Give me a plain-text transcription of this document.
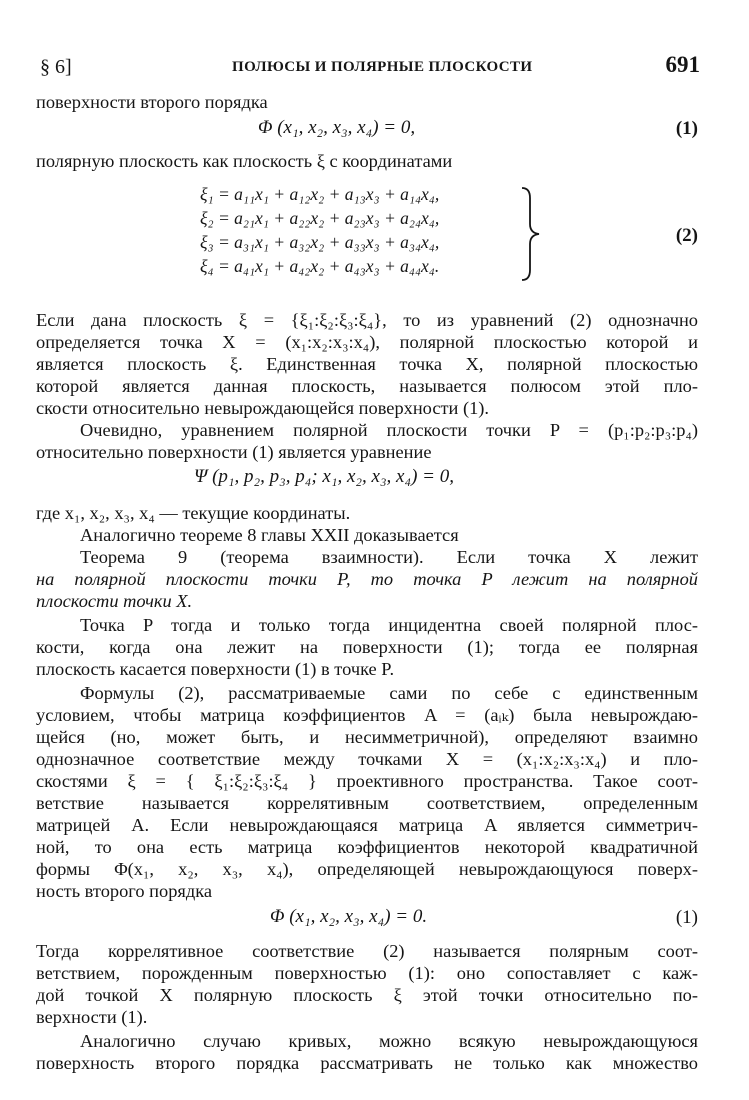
§ 6]	ПОЛЮСЫ И ПОЛЯРНЫЕ ПЛОСКОСТИ	691
поверхности второго порядка
Φ (x₁, x₂, x₃, x₄) = 0,	(1)
полярную плоскость как плоскость ξ с координатами
ξ₁ = a₁₁x₁ + a₁₂x₂ + a₁₃x₃ + a₁₄x₄,
ξ₂ = a₂₁x₁ + a₂₂x₂ + a₂₃x₃ + a₂₄x₄,
ξ₃ = a₃₁x₁ + a₃₂x₂ + a₃₃x₃ + a₃₄x₄,
ξ₄ = a₄₁x₁ + a₄₂x₂ + a₄₃x₃ + a₄₄x₄.
(2)
Если дана плоскость ξ = {ξ₁:ξ₂:ξ₃:ξ₄}, то из уравнений (2) однозначно
определяется точка X = (x₁:x₂:x₃:x₄), полярной плоскостью которой и
является плоскость ξ. Единственная точка X, полярной плоскостью
которой является данная плоскость, называется полюсом этой пло-
скости относительно невырождающейся поверхности (1).
Очевидно, уравнением полярной плоскости точки P = (p₁:p₂:p₃:p₄)
относительно поверхности (1) является уравнение
Ψ (p₁, p₂, p₃, p₄; x₁, x₂, x₃, x₄) = 0,
где x₁, x₂, x₃, x₄ — текущие координаты.
Аналогично теореме 8 главы XXII доказывается
Теорема 9 (теорема взаимности). Если точка X лежит
на полярной плоскости точки P, то точка P лежит на полярной
плоскости точки X.
Точка P тогда и только тогда инцидентна своей полярной плос-
кости, когда она лежит на поверхности (1); тогда ее полярная
плоскость касается поверхности (1) в точке P.
Формулы (2), рассматриваемые сами по себе с единственным
условием, чтобы матрица коэффициентов A = (aᵢₖ) была невырождаю-
щейся (но, может быть, и несимметричной), определяют взаимно
однозначное соответствие между точками X = (x₁:x₂:x₃:x₄) и пло-
скостями ξ = { ξ₁:ξ₂:ξ₃:ξ₄ } проективного пространства. Такое соот-
ветствие называется коррелятивным соответствием, определенным
матрицей A. Если невырождающаяся матрица A является симметрич-
ной, то она есть матрица коэффициентов некоторой квадратичной
формы Φ(x₁, x₂, x₃, x₄), определяющей невырождающуюся поверх-
ность второго порядка
Φ (x₁, x₂, x₃, x₄) = 0.	(1)
Тогда коррелятивное соответствие (2) называется полярным соот-
ветствием, порожденным поверхностью (1): оно сопоставляет с каж-
дой точкой X полярную плоскость ξ этой точки относительно по-
верхности (1).
Аналогично случаю кривых, можно всякую невырождающуюся
поверхность второго порядка рассматривать не только как множество
